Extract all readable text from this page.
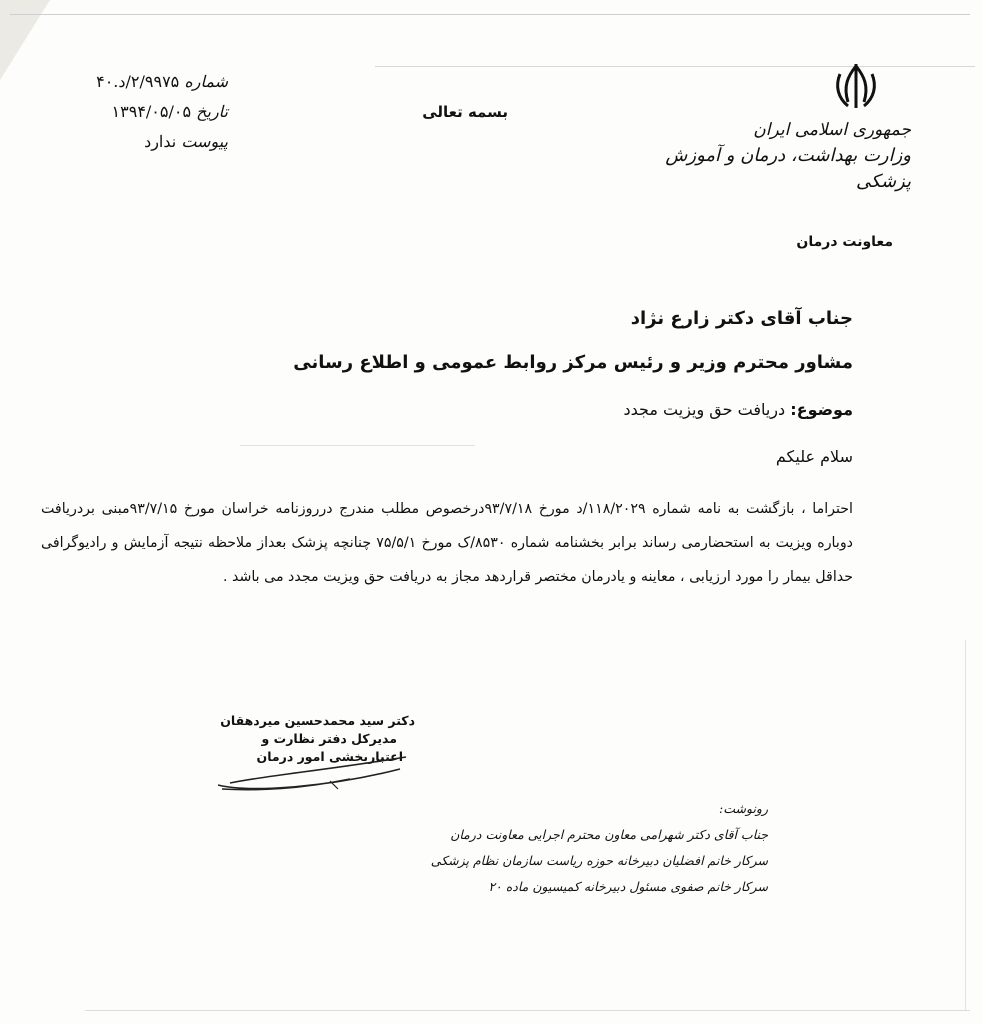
شماره ۲/۹۹۷۵/د.۴۰
تاریخ ۱۳۹۴/۰۵/۰۵
پیوست ندارد
بسمه تعالی
جمهوری اسلامی ایران
وزارت بهداشت، درمان و آموزش پزشکی
معاونت درمان
جناب آقای دکتر زارع نژاد
مشاور محترم وزیر و رئیس مرکز روابط عمومی و اطلاع رسانی
موضوع: دریافت حق ویزیت مجدد
سلام علیکم
احتراما ، بازگشت به نامه شماره ۱۱۸/۲۰۲۹/د مورخ ۹۳/۷/۱۸درخصوص مطلب مندرج درروزنامه خراسان مورخ ۹۳/۷/۱۵مبنی بردریافت دوباره ویزیت به استحضارمی رساند برابر بخشنامه شماره ۸۵۳۰/ک مورخ ۷۵/۵/۱ چنانچه پزشک بعداز ملاحظه نتیجه آزمایش و رادیوگرافی حداقل بیمار را مورد ارزیابی ، معاینه و یادرمان مختصر قراردهد مجاز به دریافت حق ویزیت مجدد می باشد .
دکتر سید محمدحسین میردهقان
مدیرکل دفتر نظارت و
اعتباربخشی امور درمان
رونوشت:
جناب آقای دکتر شهرامی معاون محترم اجرایی معاونت درمان
سرکار خانم افضلیان دبیرخانه حوزه ریاست سازمان نظام پزشکی
سرکار خانم صفوی مسئول دبیرخانه کمیسیون ماده ۲۰
